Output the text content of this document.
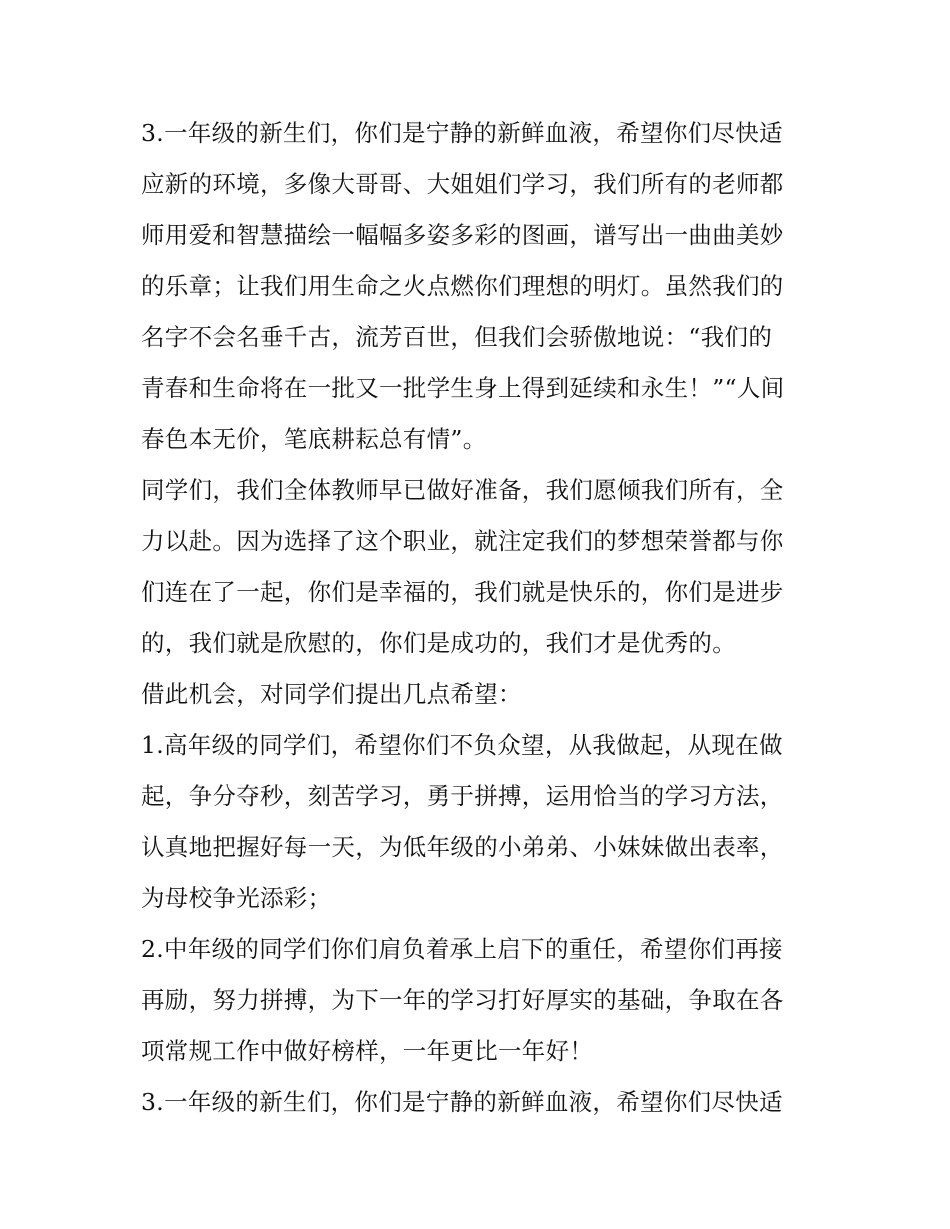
3.一年级的新生们，你们是宁静的新鲜血液，希望你们尽快适
应新的环境，多像大哥哥、大姐姐们学习，我们所有的老师都
师用爱和智慧描绘一幅幅多姿多彩的图画，谱写出一曲曲美妙
的乐章；让我们用生命之火点燃你们理想的明灯。虽然我们的
名字不会名垂千古，流芳百世，但我们会骄傲地说：“我们的
青春和生命将在一批又一批学生身上得到延续和永生！”“人间
春色本无价，笔底耕耘总有情”。
同学们，我们全体教师早已做好准备，我们愿倾我们所有，全
力以赴。因为选择了这个职业，就注定我们的梦想荣誉都与你
们连在了一起，你们是幸福的，我们就是快乐的，你们是进步
的，我们就是欣慰的，你们是成功的，我们才是优秀的。
借此机会，对同学们提出几点希望：
1.高年级的同学们，希望你们不负众望，从我做起，从现在做
起，争分夺秒，刻苦学习，勇于拼搏，运用恰当的学习方法，
认真地把握好每一天，为低年级的小弟弟、小妹妹做出表率，
为母校争光添彩；
2.中年级的同学们你们肩负着承上启下的重任，希望你们再接
再励，努力拼搏，为下一年的学习打好厚实的基础，争取在各
项常规工作中做好榜样，一年更比一年好！
3.一年级的新生们，你们是宁静的新鲜血液，希望你们尽快适
